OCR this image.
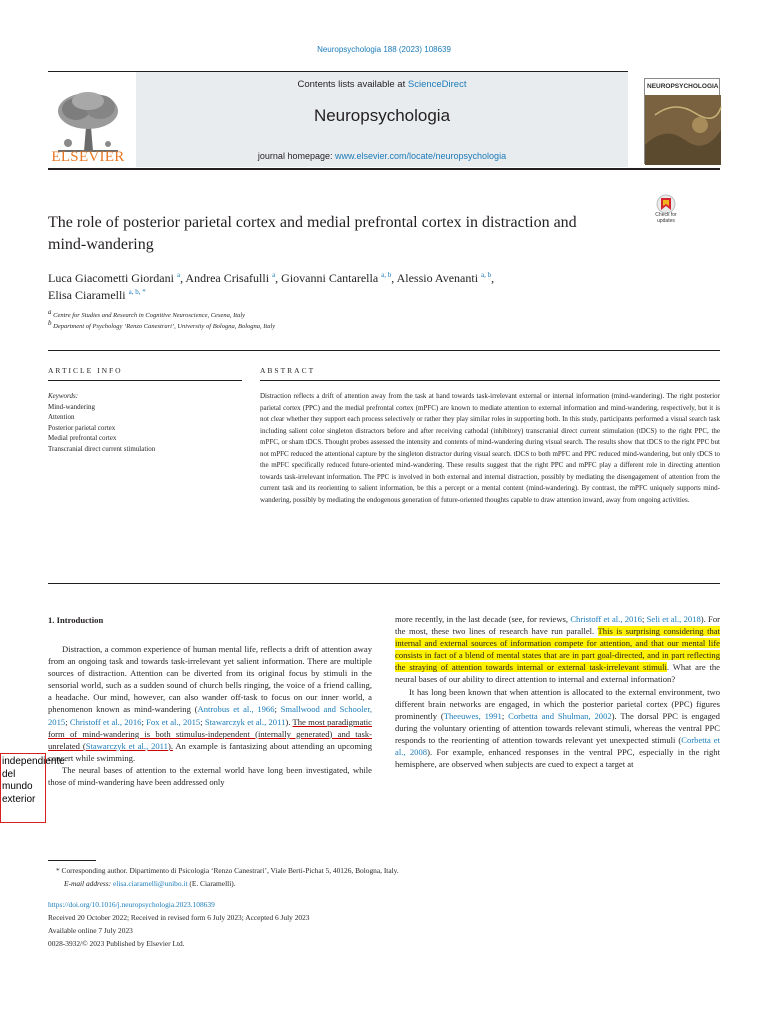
Neuropsychologia 188 (2023) 108639
ELSEVIER
Contents lists available at ScienceDirect
Neuropsychologia
journal homepage: www.elsevier.com/locate/neuropsychologia
NEUROPSYCHOLOGIA
Check for updates
The role of posterior parietal cortex and medial prefrontal cortex in distraction and mind-wandering
Luca Giacometti Giordani $^a$, Andrea Crisafulli $^a$, Giovanni Cantarella $^{a, b}$, Alessio Avenanti $^{a, b}$,
Elisa Ciaramelli $^{a, b, *}$
$^a$ Centre for Studies and Research in Cognitive Neuroscience, Cesena, Italy
$^b$ Department of Psychology ‘Renzo Canestrari’, University of Bologna, Bologna, Italy
ARTICLE INFO	ABSTRACT
Keywords:
Mind-wandering
Attention
Posterior parietal cortex
Medial prefrontal cortex
Transcranial direct current stimulation
Distraction reflects a drift of attention away from the task at hand towards task-irrelevant external or internal information (mind-wandering). The right posterior parietal cortex (PPC) and the medial prefrontal cortex (mPFC) are known to mediate attention to external information and mind-wandering, respectively, but it is not clear whether they support each process selectively or rather they play similar roles in supporting both. In this study, participants performed a visual search task including salient color singleton distractors before and after receiving cathodal (inhibitory) transcranial direct current stimulation (tDCS) to the right PPC, the mPFC, or sham tDCS. Thought probes assessed the intensity and contents of mind-wandering during visual search. The results show that tDCS to the right PPC but not mPFC reduced the attentional capture by the singleton distractor during visual search. tDCS to both mPFC and PPC reduced mind-wandering, but only tDCS to the mPFC specifically reduced future-oriented mind-wandering. These results suggest that the right PPC and mPFC play a different role in directing attention towards task-irrelevant information. The PPC is involved in both external and internal distraction, possibly by mediating the disengagement of attention from the current task and its reorienting to salient information, be this a percept or a mental content (mind-wandering). By contrast, the mPFC uniquely supports mind-wandering, possibly by mediating the endogenous generation of future-oriented thoughts capable to draw attention inward, away from ongoing activities.
1. Introduction

Distraction, a common experience of human mental life, reflects a drift of attention away from an ongoing task and towards task-irrelevant yet salient information. There are multiple sources of distraction. Attention can be diverted from its original focus by stimuli in the sensorial world, such as a sudden sound of church bells ringing, the voice of a friend calling, a headache. Our mind, however, can also wander off-task to focus on our inner world, a phenomenon known as mind-wandering (Antrobus et al., 1966; Smallwood and Schooler, 2015; Christoff et al., 2016; Fox et al., 2015; Stawarczyk et al., 2011). The most paradigmatic form of mind-wandering is both stimulus-independent (internally generated) and task-unrelated (Stawarczyk et al., 2011). An example is fantasizing about attending an upcoming concert while swimming.

The neural bases of attention to the external world have long been investigated, while those of mind-wandering have been addressed only

more recently, in the last decade (see, for reviews, Christoff et al., 2016; Seli et al., 2018). For the most, these two lines of research have run parallel. This is surprising considering that internal and external sources of information compete for attention, and that our mental life consists in fact of a blend of mental states that are in part goal-directed, and in part reflecting the straying of attention towards internal or external task-irrelevant stimuli. What are the neural bases of our ability to direct attention to internal and external information?

It has long been known that when attention is allocated to the external environment, two different brain networks are engaged, in which the posterior parietal cortex (PPC) figures prominently (Theeuwes, 1991; Corbetta and Shulman, 2002). The dorsal PPC is engaged during the voluntary orienting of attention towards relevant stimuli, whereas the ventral PPC responds to the reorienting of attention towards relevant yet unexpected stimuli (Corbetta et al., 2008). For example, enhanced responses in the ventral PPC, especially in the right hemisphere, are observed when subjects are cued to expect a target at

independiente del mundo exterior
* Corresponding author. Dipartimento di Psicologia ‘Renzo Canestrari’, Viale Berti-Pichat 5, 40126, Bologna, Italy.
E-mail address: elisa.ciaramelli@unibo.it (E. Ciaramelli).
https://doi.org/10.1016/j.neuropsychologia.2023.108639
Received 20 October 2022; Received in revised form 6 July 2023; Accepted 6 July 2023
Available online 7 July 2023
0028-3932/© 2023 Published by Elsevier Ltd.
